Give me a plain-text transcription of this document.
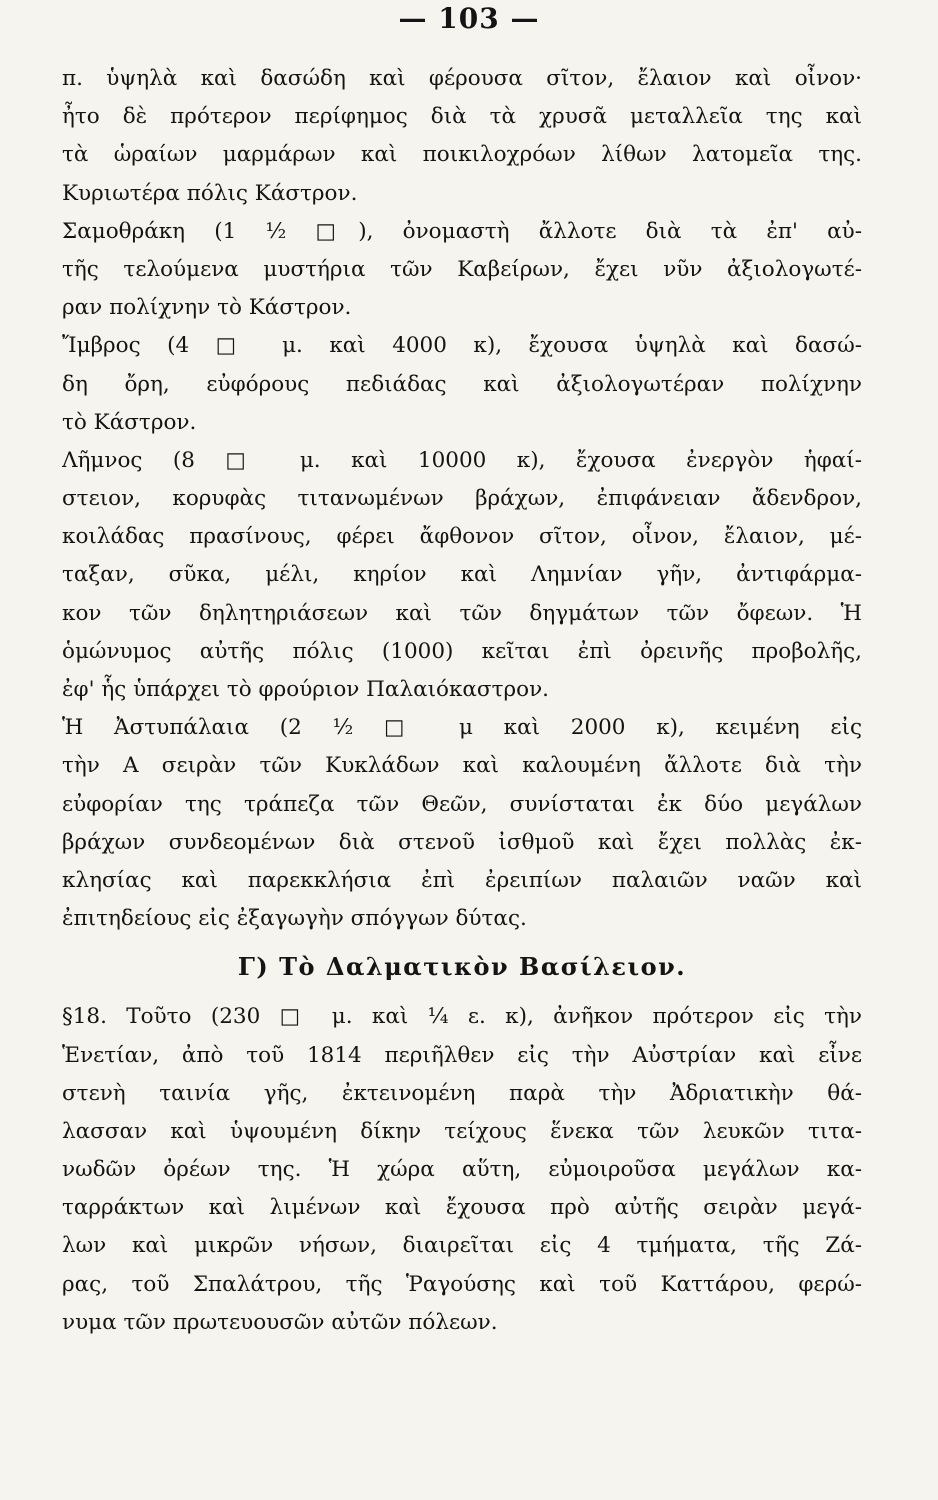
— 103 —
π. ὑψηλὰ καὶ δασώδη καὶ φέρουσα σῖτον, ἔλαιον καὶ οἶνον·
ἦτο δὲ πρότερον περίφημος διὰ τὰ χρυσᾶ μεταλλεῖα της καὶ
τὰ ὡραίων μαρμάρων καὶ ποικιλοχρόων λίθων λατομεῖα της.
Κυριωτέρα πόλις Κάστρον.
Σαμοθράκη (1 ½ □), ὀνομαστὴ ἄλλοτε διὰ τὰ ἐπ' αὐ-
τῆς τελούμενα μυστήρια τῶν Καβείρων, ἔχει νῦν ἀξιολογωτέ-
ραν πολίχνην τὸ Κάστρον.
Ἴμβρος (4 □ μ. καὶ 4000 κ), ἔχουσα ὑψηλὰ καὶ δασώ-
δη ὄρη, εὐφόρους πεδιάδας καὶ ἀξιολογωτέραν πολίχνην
τὸ Κάστρον.
Λῆμνος (8 □ μ. καὶ 10000 κ), ἔχουσα ἐνεργὸν ἡφαί-
στειον, κορυφὰς τιτανωμένων βράχων, ἐπιφάνειαν ἄδενδρον,
κοιλάδας πρασίνους, φέρει ἄφθονον σῖτον, οἶνον, ἔλαιον, μέ-
ταξαν, σῦκα, μέλι, κηρίον καὶ Λημνίαν γῆν, ἀντιφάρμα-
κον τῶν δηλητηριάσεων καὶ τῶν δηγμάτων τῶν ὄφεων. Ἡ
ὁμώνυμος αὐτῆς πόλις (1000) κεῖται ἐπὶ ὀρεινῆς προβολῆς,
ἐφ' ἧς ὑπάρχει τὸ φρούριον Παλαιόκαστρον.
Ἡ Ἀστυπάλαια (2 ½ □ μ καὶ 2000 κ), κειμένη εἰς
τὴν Α σειρὰν τῶν Κυκλάδων καὶ καλουμένη ἄλλοτε διὰ τὴν
εὐφορίαν της τράπεζα τῶν Θεῶν, συνίσταται ἐκ δύο μεγάλων
βράχων συνδεομένων διὰ στενοῦ ἰσθμοῦ καὶ ἔχει πολλὰς ἐκ-
κλησίας καὶ παρεκκλήσια ἐπὶ ἐρειπίων παλαιῶν ναῶν καὶ
ἐπιτηδείους εἰς ἐξαγωγὴν σπόγγων δύτας.
Γ) Τὸ Δαλματικὸν Βασίλειον.
§18. Τοῦτο (230 □ μ. καὶ ¼ ε. κ), ἀνῆκον πρότερον εἰς τὴν
Ἑνετίαν, ἀπὸ τοῦ 1814 περιῆλθεν εἰς τὴν Αὐστρίαν καὶ εἶνε
στενὴ ταινία γῆς, ἐκτεινομένη παρὰ τὴν Ἀδριατικὴν θά-
λασσαν καὶ ὑψουμένη δίκην τείχους ἕνεκα τῶν λευκῶν τιτα-
νωδῶν ὀρέων της. Ἡ χώρα αὕτη, εὐμοιροῦσα μεγάλων κα-
ταρράκτων καὶ λιμένων καὶ ἔχουσα πρὸ αὐτῆς σειρὰν μεγά-
λων καὶ μικρῶν νήσων, διαιρεῖται εἰς 4 τμήματα, τῆς Ζά-
ρας, τοῦ Σπαλάτρου, τῆς Ῥαγούσης καὶ τοῦ Καττάρου, φερώ-
νυμα τῶν πρωτευουσῶν αὐτῶν πόλεων.
